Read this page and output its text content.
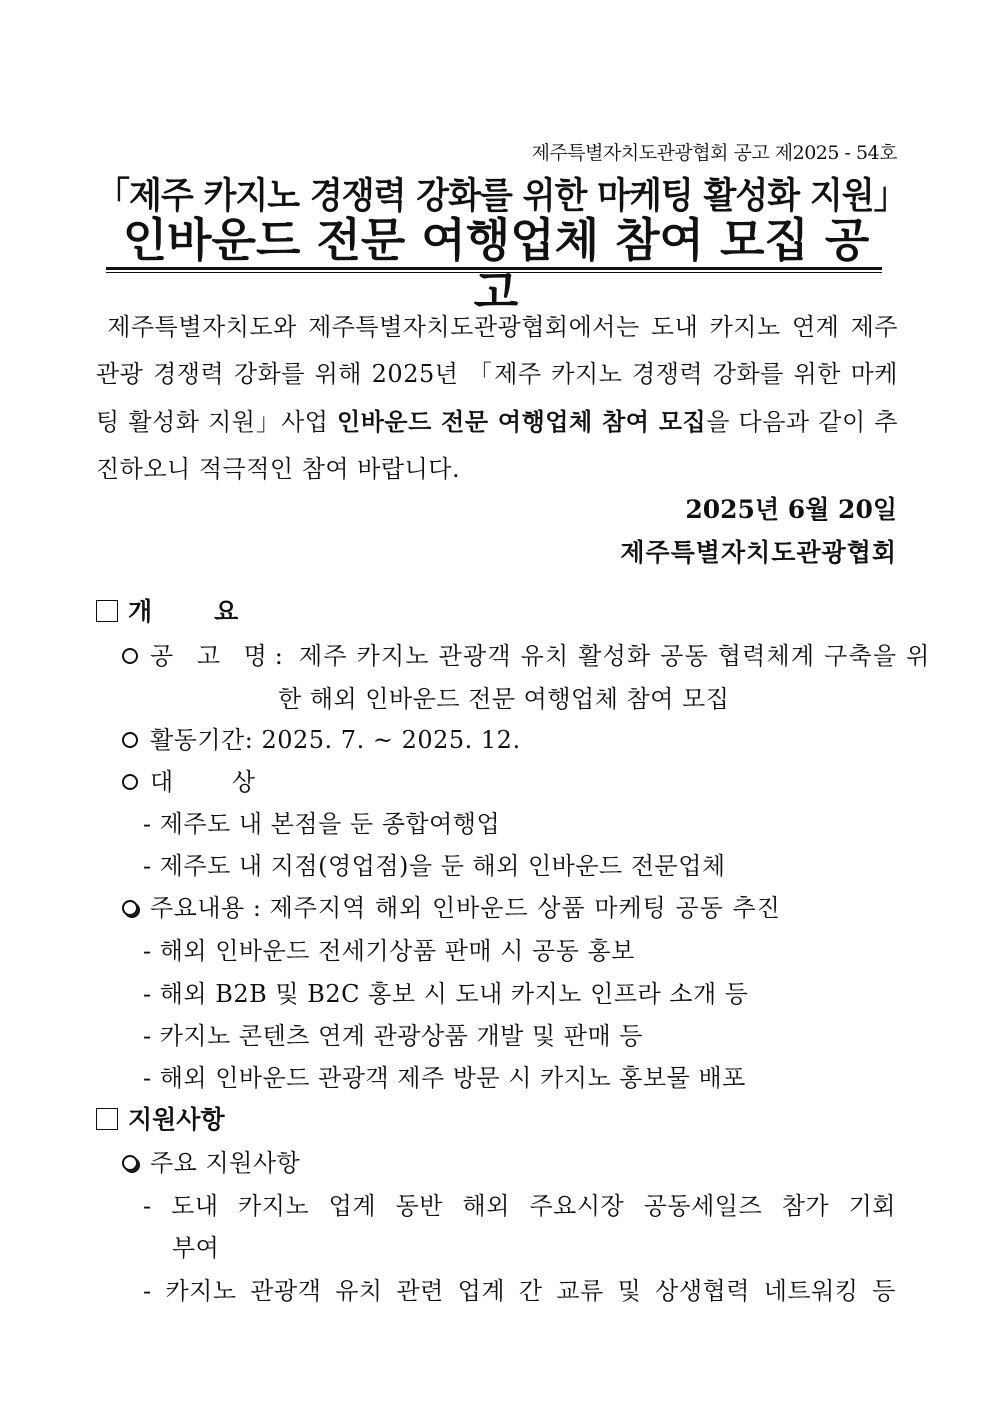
제주특별자치도관광협회 공고 제2025 - 54호
「제주 카지노 경쟁력 강화를 위한 마케팅 활성화 지원」
인바운드 전문 여행업체 참여 모집 공고
제주특별자치도와 제주특별자치도관광협회에서는 도내 카지노 연계 제주관광 경쟁력 강화를 위해 2025년 「제주 카지노 경쟁력 강화를 위한 마케팅 활성화 지원」사업 인바운드 전문 여행업체 참여 모집을 다음과 같이 추진하오니 적극적인 참여 바랍니다.
2025년 6월 20일
제주특별자치도관광협회
개 요
공 고 명: 제주 카지노 관광객 유치 활성화 공동 협력체계 구축을 위
한 해외 인바운드 전문 여행업체 참여 모집
활동기간: 2025. 7. ~ 2025. 12.
대 상
- 제주도 내 본점을 둔 종합여행업
- 제주도 내 지점(영업점)을 둔 해외 인바운드 전문업체
주요내용 : 제주지역 해외 인바운드 상품 마케팅 공동 추진
- 해외 인바운드 전세기상품 판매 시 공동 홍보
- 해외 B2B 및 B2C 홍보 시 도내 카지노 인프라 소개 등
- 카지노 콘텐츠 연계 관광상품 개발 및 판매 등
- 해외 인바운드 관광객 제주 방문 시 카지노 홍보물 배포
지원사항
주요 지원사항
- 도내 카지노 업계 동반 해외 주요시장 공동세일즈 참가 기회
부여
- 카지노 관광객 유치 관련 업계 간 교류 및 상생협력 네트워킹 등
